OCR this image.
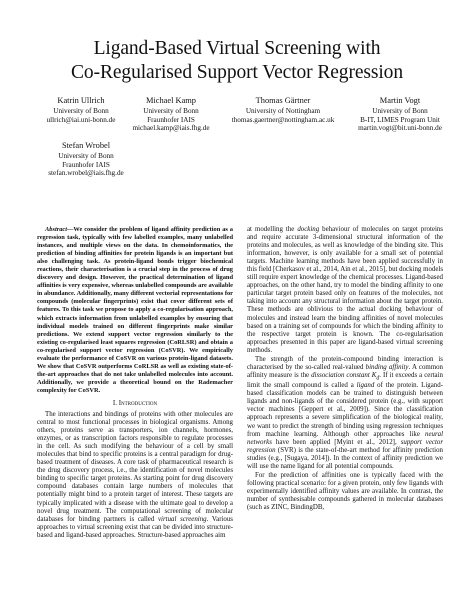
Ligand-Based Virtual Screening with
Co-Regularised Support Vector Regression
Katrin Ullrich
University of Bonn
ullrich@iai.uni-bonn.de
Michael Kamp
University of Bonn
Fraunhofer IAIS
michael.kamp@iais.fhg.de
Thomas Gärtner
University of Nottingham
thomas.gaertner@nottingham.ac.uk
Martin Vogt
University of Bonn
B-IT, LIMES Program Unit
martin.vogt@bit.uni-bonn.de
Stefan Wrobel
University of Bonn
Fraunhofer IAIS
stefan.wrobel@iais.fhg.de

Abstract—We consider the problem of ligand affinity prediction as a regression task, typically with few labelled examples, many unlabelled instances, and multiple views on the data. In chemoinformatics, the prediction of binding affinities for protein ligands is an important but also challenging task. As protein-ligand bonds trigger biochemical reactions, their characterisation is a crucial step in the process of drug discovery and design. However, the practical determination of ligand affinities is very expensive, whereas unlabelled compounds are available in abundance. Additionally, many different vectorial representations for compounds (molecular fingerprints) exist that cover different sets of features. To this task we propose to apply a co-regularisation approach, which extracts information from unlabelled examples by ensuring that individual models trained on different fingerprints make similar predictions. We extend support vector regression similarly to the existing co-regularised least squares regression (CoRLSR) and obtain a co-regularised support vector regression (CoSVR). We empirically evaluate the performance of CoSVR on various protein-ligand datasets. We show that CoSVR outperforms CoRLSR as well as existing state-of-the-art approaches that do not take unlabelled molecules into account. Additionally, we provide a theoretical bound on the Rademacher complexity for CoSVR.

I. Introduction

The interactions and bindings of proteins with other molecules are central to most functional processes in biological organisms. Among others, proteins serve as transporters, ion channels, hormones, enzymes, or as transcription factors responsible to regulate processes in the cell. As such modifying the behaviour of a cell by small molecules that bind to specific proteins is a central paradigm for drug-based treatment of diseases. A core task of pharmaceutical research is the drug discovery process, i.e., the identification of novel molecules binding to specific target proteins. As starting point for drug discovery compound databases contain large numbers of molecules that potentially might bind to a protein target of interest. These targets are typically implicated with a disease with the ultimate goal to develop a novel drug treatment. The computational screening of molecular databases for binding partners is called virtual screening. Various approaches to virtual screening exist that can be divided into structure-based and ligand-based approaches. Structure-based approaches aim

at modelling the docking behaviour of molecules on target proteins and require accurate 3-dimensional structural information of the proteins and molecules, as well as knowledge of the binding site. This information, however, is only available for a small set of potential targets. Machine learning methods have been applied successfully in this field [Cherkasov et al., 2014, Ain et al., 2015], but docking models still require expert knowledge of the chemical processes. Ligand-based approaches, on the other hand, try to model the binding affinity to one particular target protein based only on features of the molecules, not taking into account any structural information about the target protein. These methods are oblivious to the actual docking behaviour of molecules and instead learn the binding affinities of novel molecules based on a training set of compounds for which the binding affinity to the respective target protein is known. The co-regularisation approaches presented in this paper are ligand-based virtual screening methods.

The strength of the protein-compound binding interaction is characterised by the so-called real-valued binding affinity. A common affinity measure is the dissociation constant $K_d$. If it exceeds a certain limit the small compound is called a ligand of the protein. Ligand-based classification models can be trained to distinguish between ligands and non-ligands of the considered protein (e.g., with support vector machines [Geppert et al., 2009]). Since the classification approach represents a severe simplification of the biological reality, we want to predict the strength of binding using regression techniques from machine learning. Although other approaches like neural networks have been applied [Myint et al., 2012], support vector regression (SVR) is the state-of-the-art method for affinity prediction studies (e.g., [Sugaya, 2014]). In the context of affinity prediction we will use the name ligand for all potential compounds.

For the prediction of affinities one is typically faced with the following practical scenario: for a given protein, only few ligands with experimentally identified affinity values are available. In contrast, the number of synthesisable compounds gathered in molecular databases (such as ZINC, BindingDB,
